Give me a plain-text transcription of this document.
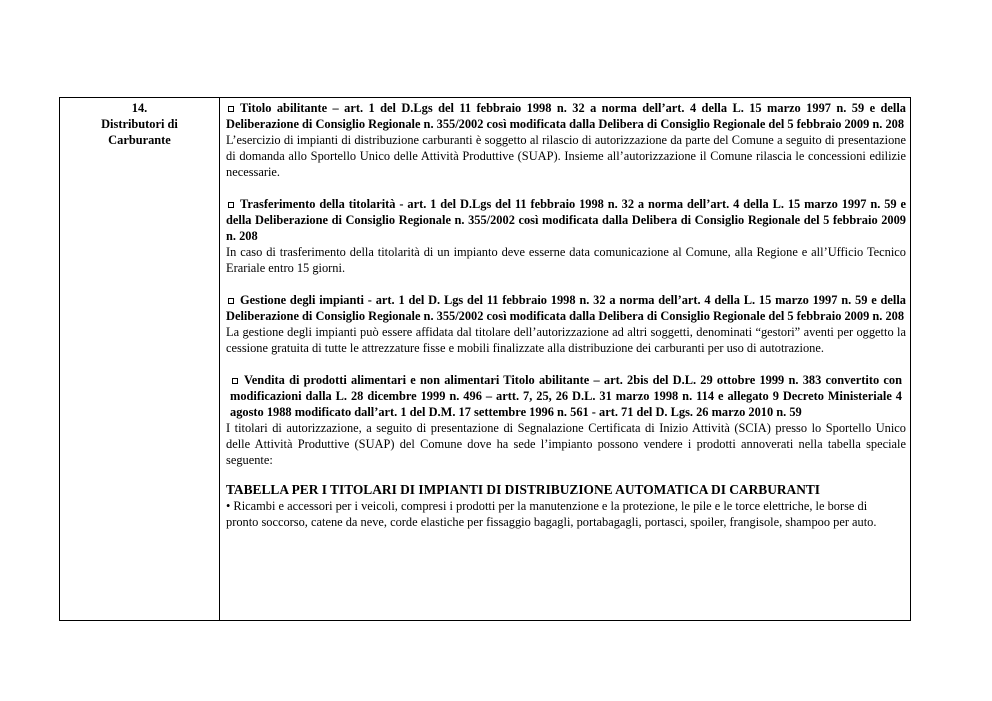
14.
Distributori di
Carburante
Titolo abilitante – art. 1 del D.Lgs del 11 febbraio 1998 n. 32 a norma dell’art. 4 della L. 15 marzo 1997 n. 59 e della Deliberazione di Consiglio Regionale n. 355/2002 così modificata dalla Delibera di Consiglio Regionale del 5 febbraio 2009 n. 208
L’esercizio di impianti di distribuzione carburanti è soggetto al rilascio di autorizzazione da parte del Comune a seguito di presentazione di domanda allo Sportello Unico delle Attività Produttive (SUAP). Insieme all’autorizzazione il Comune rilascia le concessioni edilizie necessarie.
Trasferimento della titolarità - art. 1 del D.Lgs del 11 febbraio 1998 n. 32 a norma dell’art. 4 della L. 15 marzo 1997 n. 59 e della Deliberazione di Consiglio Regionale n. 355/2002 così modificata dalla Delibera di Consiglio Regionale del 5 febbraio 2009 n. 208
In caso di trasferimento della titolarità di un impianto deve esserne data comunicazione al Comune, alla Regione e all’Ufficio Tecnico Erariale entro 15 giorni.
Gestione degli impianti - art. 1 del D. Lgs del 11 febbraio 1998 n. 32 a norma dell’art. 4 della L. 15 marzo 1997 n. 59 e della Deliberazione di Consiglio Regionale n. 355/2002 così modificata dalla Delibera di Consiglio Regionale del 5 febbraio 2009 n. 208
La gestione degli impianti può essere affidata dal titolare dell’autorizzazione ad altri soggetti, denominati “gestori” aventi per oggetto la cessione gratuita di tutte le attrezzature fisse e mobili finalizzate alla distribuzione dei carburanti per uso di autotrazione.
Vendita di prodotti alimentari e non alimentari Titolo abilitante – art. 2bis del D.L. 29 ottobre 1999 n. 383 convertito con modificazioni dalla L. 28 dicembre 1999 n. 496 – artt. 7, 25, 26 D.L. 31 marzo 1998 n. 114 e allegato 9 Decreto Ministeriale 4 agosto 1988 modificato dall’art. 1 del D.M. 17 settembre 1996 n. 561 - art. 71 del D. Lgs. 26 marzo 2010 n. 59
I titolari di autorizzazione, a seguito di presentazione di Segnalazione Certificata di Inizio Attività (SCIA) presso lo Sportello Unico delle Attività Produttive (SUAP) del Comune dove ha sede l’impianto possono vendere i prodotti annoverati nella tabella speciale seguente:
TABELLA PER I TITOLARI DI IMPIANTI DI DISTRIBUZIONE AUTOMATICA DI CARBURANTI
• Ricambi e accessori per i veicoli, compresi i prodotti per la manutenzione e la protezione, le pile e le torce elettriche, le borse di pronto soccorso, catene da neve, corde elastiche per fissaggio bagagli, portabagagli, portasci, spoiler, frangisole, shampoo per auto.
